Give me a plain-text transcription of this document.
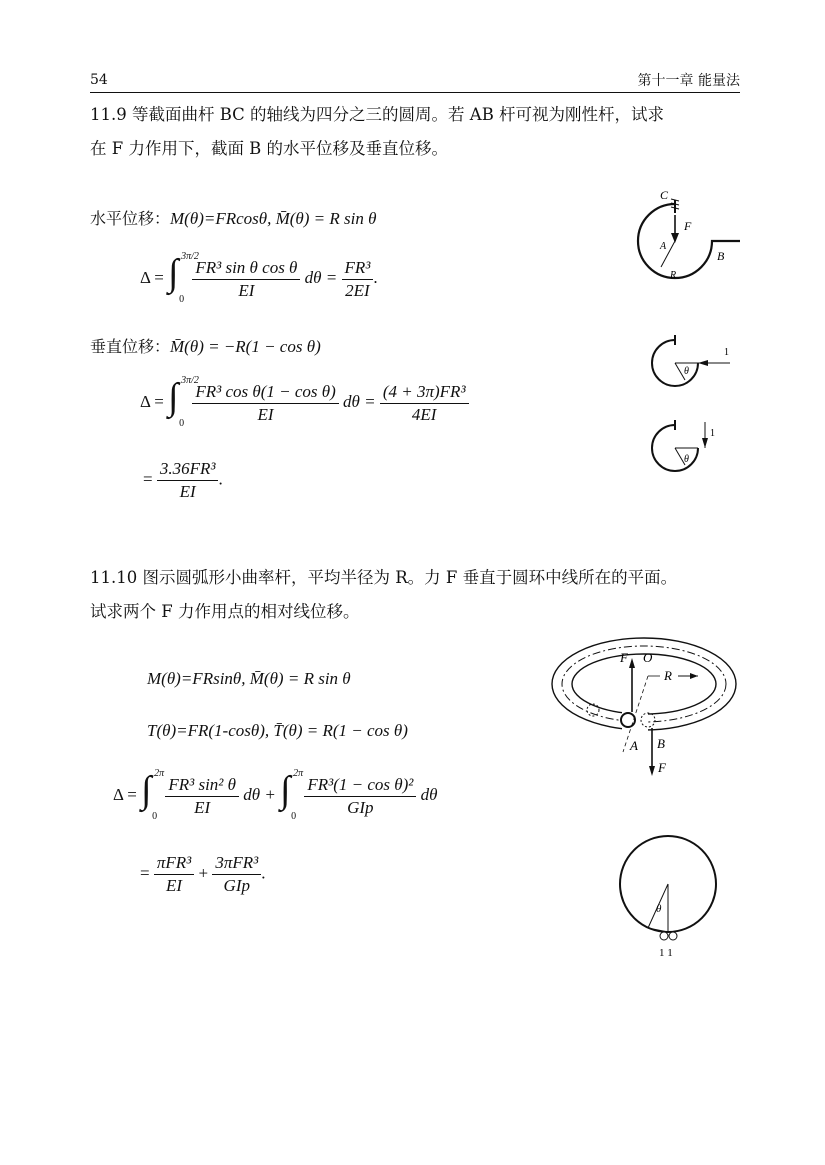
54	第十一章 能量法
11.9 等截面曲杆 BC 的轴线为四分之三的圆周。若 AB 杆可视为刚性杆，试求
在 F 力作用下，截面 B 的水平位移及垂直位移。
水平位移：M(θ)=FRcosθ, M̄(θ) = R sin θ
Δ = ∫ 3π/2
0
$\frac{\text{FR³ sin θ cos θ}}{EI}$ $d\theta = \frac{\text{FR³}}{2EI}$ .
垂直位移：M̄(θ) = −R(1 − cos θ)
Δ = ∫ 3π/2
0
$\frac{\text{FR³ cos θ(1 − cos θ)}}{EI}$ $d\theta = \frac{\text{(4 + 3π)FR³}}{4EI}$
= $\frac{\text{3.36FR³}}{EI}$ .
C
F
A
B
R
1
θ
1
θ
11.10 图示圆弧形小曲率杆，平均半径为 R。力 F 垂直于圆环中线所在的平面。
试求两个 F 力作用点的相对线位移。
M(θ)=FRsinθ, M̄(θ) = R sin θ
T(θ)=FR(1-cosθ), T̄(θ) = R(1 − cos θ)
Δ = ∫ 2π
0
$\frac{\text{FR³ sin² θ}}{EI}$ dθ + ∫ 2π
0
$\frac{\text{FR³(1 − cos θ)²}}{\text{GIp}}$ dθ
= $\frac{\text{πFR³}}{EI} + \frac{\text{3πFR³}}{\text{GIp}}$ .
F O
R
A B
F
θ
1 1
